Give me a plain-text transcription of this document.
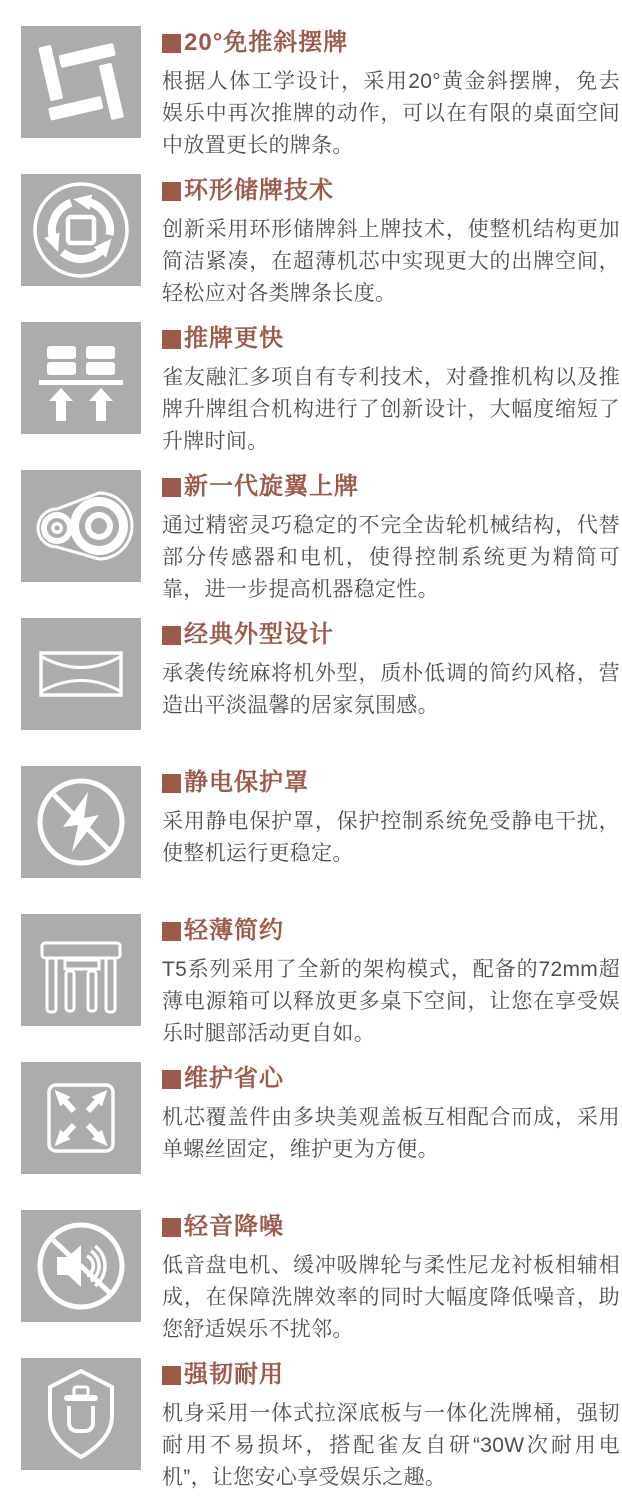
20°免推斜摆牌

根据人体工学设计，采用20°黄金斜摆牌，免去娱乐中再次推牌的动作，可以在有限的桌面空间中放置更长的牌条。

环形储牌技术

创新采用环形储牌斜上牌技术，使整机结构更加简洁紧凑，在超薄机芯中实现更大的出牌空间，轻松应对各类牌条长度。

推牌更快

雀友融汇多项自有专利技术，对叠推机构以及推牌升牌组合机构进行了创新设计，大幅度缩短了升牌时间。

新一代旋翼上牌

通过精密灵巧稳定的不完全齿轮机械结构，代替部分传感器和电机，使得控制系统更为精简可靠，进一步提高机器稳定性。

经典外型设计

承袭传统麻将机外型，质朴低调的简约风格，营造出平淡温馨的居家氛围感。

静电保护罩

采用静电保护罩，保护控制系统免受静电干扰，使整机运行更稳定。

轻薄简约

T5系列采用了全新的架构模式，配备的72mm超薄电源箱可以释放更多桌下空间，让您在享受娱乐时腿部活动更自如。

维护省心

机芯覆盖件由多块美观盖板互相配合而成，采用单螺丝固定，维护更为方便。

轻音降噪

低音盘电机、缓冲吸牌轮与柔性尼龙衬板相辅相成，在保障洗牌效率的同时大幅度降低噪音，助您舒适娱乐不扰邻。

强韧耐用

机身采用一体式拉深底板与一体化洗牌桶，强韧耐用不易损坏，搭配雀友自研“30W次耐用电机”，让您安心享受娱乐之趣。
